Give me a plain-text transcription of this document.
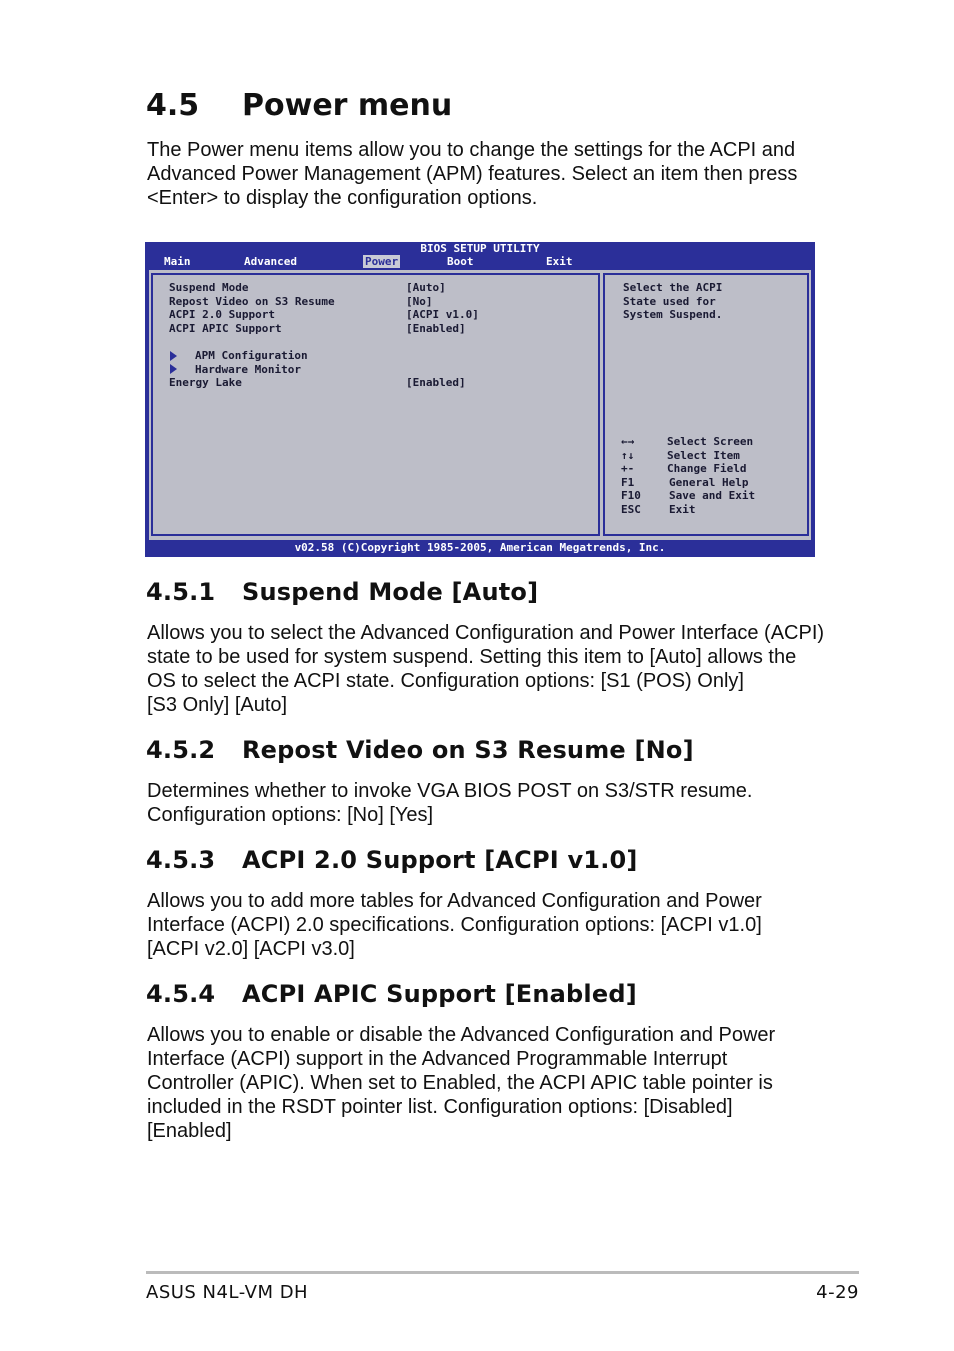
4.5 Power menu

The Power menu items allow you to change the settings for the ACPI and
Advanced Power Management (APM) features. Select an item then press
<Enter> to display the configuration options.

BIOS SETUP UTILITY
Main	Advanced	Power	Boot	Exit
Suspend Mode	[Auto]
Repost Video on S3 Resume	[No]
ACPI 2.0 Support	[ACPI v1.0]
ACPI APIC Support	[Enabled]
APM Configuration
Hardware Monitor
Energy Lake	[Enabled]
Select the ACPI
State used for
System Suspend.
←→	Select Screen
↑↓	Select Item
+-	Change Field
F1	General Help
F10	Save and Exit
ESC	Exit
v02.58 (C)Copyright 1985-2005, American Megatrends, Inc.
4.5.1 Suspend Mode [Auto]

Allows you to select the Advanced Configuration and Power Interface (ACPI)
state to be used for system suspend. Setting this item to [Auto] allows the
OS to select the ACPI state. Configuration options: [S1 (POS) Only]
[S3 Only] [Auto]

4.5.2 Repost Video on S3 Resume [No]

Determines whether to invoke VGA BIOS POST on S3/STR resume.
Configuration options: [No] [Yes]

4.5.3 ACPI 2.0 Support [ACPI v1.0]

Allows you to add more tables for Advanced Configuration and Power
Interface (ACPI) 2.0 specifications. Configuration options: [ACPI v1.0]
[ACPI v2.0] [ACPI v3.0]

4.5.4 ACPI APIC Support [Enabled]

Allows you to enable or disable the Advanced Configuration and Power
Interface (ACPI) support in the Advanced Programmable Interrupt
Controller (APIC). When set to Enabled, the ACPI APIC table pointer is
included in the RSDT pointer list. Configuration options: [Disabled]
[Enabled]

ASUS N4L-VM DH	4-29
